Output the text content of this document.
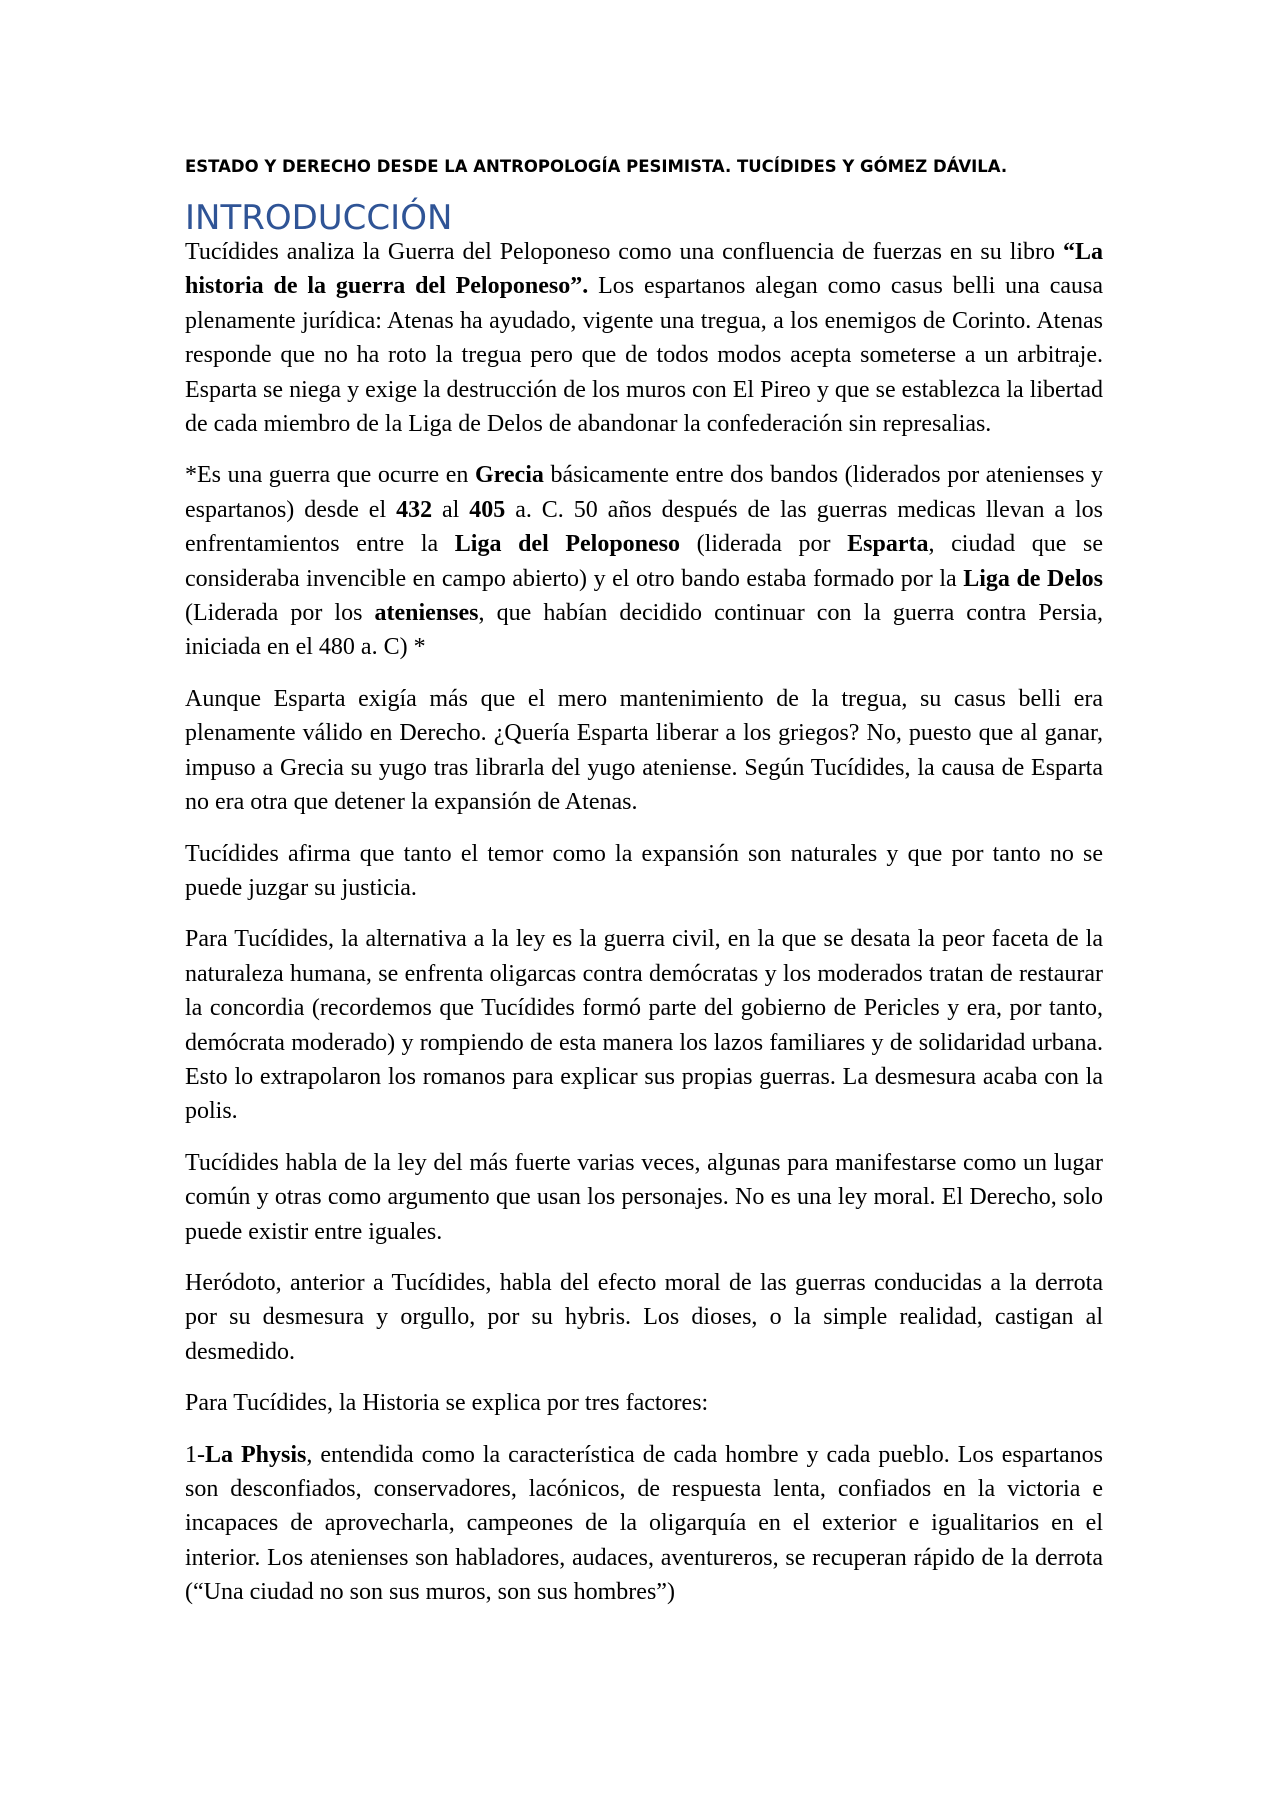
ESTADO Y DERECHO DESDE LA ANTROPOLOGÍA PESIMISTA. TUCÍDIDES Y GÓMEZ DÁVILA.
INTRODUCCIÓN

Tucídides analiza la Guerra del Peloponeso como una confluencia de fuerzas en su libro “La historia de la guerra del Peloponeso”. Los espartanos alegan como casus belli una causa plenamente jurídica: Atenas ha ayudado, vigente una tregua, a los enemigos de Corinto. Atenas responde que no ha roto la tregua pero que de todos modos acepta someterse a un arbitraje. Esparta se niega y exige la destrucción de los muros con El Pireo y que se establezca la libertad de cada miembro de la Liga de Delos de abandonar la confederación sin represalias.

*Es una guerra que ocurre en Grecia básicamente entre dos bandos (liderados por atenienses y espartanos) desde el 432 al 405 a. C. 50 años después de las guerras medicas llevan a los enfrentamientos entre la Liga del Peloponeso (liderada por Esparta, ciudad que se consideraba invencible en campo abierto) y el otro bando estaba formado por la Liga de Delos (Liderada por los atenienses, que habían decidido continuar con la guerra contra Persia, iniciada en el 480 a. C) *

Aunque Esparta exigía más que el mero mantenimiento de la tregua, su casus belli era plenamente válido en Derecho. ¿Quería Esparta liberar a los griegos? No, puesto que al ganar, impuso a Grecia su yugo tras librarla del yugo ateniense. Según Tucídides, la causa de Esparta no era otra que detener la expansión de Atenas.

Tucídides afirma que tanto el temor como la expansión son naturales y que por tanto no se puede juzgar su justicia.

Para Tucídides, la alternativa a la ley es la guerra civil, en la que se desata la peor faceta de la naturaleza humana, se enfrenta oligarcas contra demócratas y los moderados tratan de restaurar la concordia (recordemos que Tucídides formó parte del gobierno de Pericles y era, por tanto, demócrata moderado) y rompiendo de esta manera los lazos familiares y de solidaridad urbana. Esto lo extrapolaron los romanos para explicar sus propias guerras. La desmesura acaba con la polis.

Tucídides habla de la ley del más fuerte varias veces, algunas para manifestarse como un lugar común y otras como argumento que usan los personajes. No es una ley moral. El Derecho, solo puede existir entre iguales.

Heródoto, anterior a Tucídides, habla del efecto moral de las guerras conducidas a la derrota por su desmesura y orgullo, por su hybris. Los dioses, o la simple realidad, castigan al desmedido.

Para Tucídides, la Historia se explica por tres factores:

1-La Physis, entendida como la característica de cada hombre y cada pueblo. Los espartanos son desconfiados, conservadores, lacónicos, de respuesta lenta, confiados en la victoria e incapaces de aprovecharla, campeones de la oligarquía en el exterior e igualitarios en el interior. Los atenienses son habladores, audaces, aventureros, se recuperan rápido de la derrota (“Una ciudad no son sus muros, son sus hombres”)
